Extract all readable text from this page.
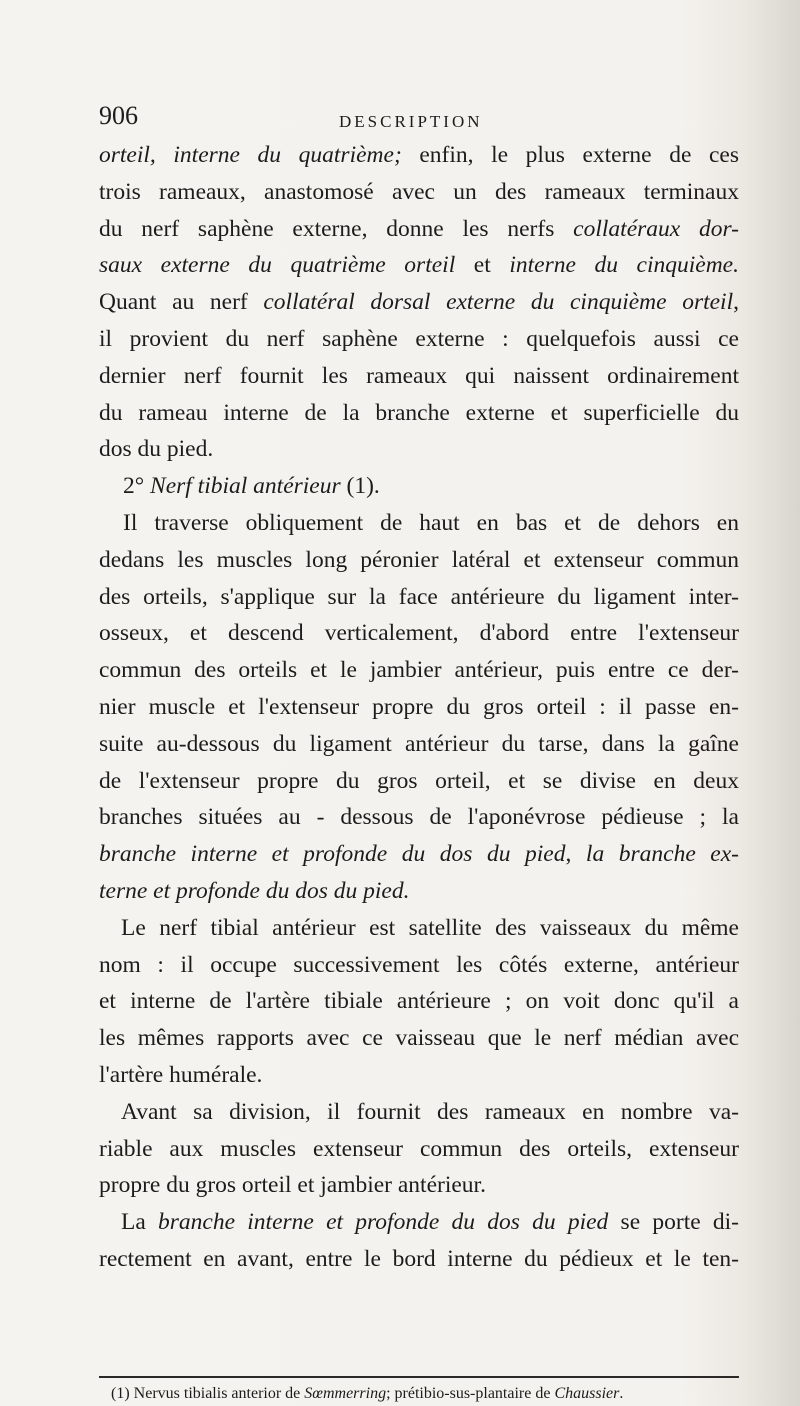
906	DESCRIPTION
orteil, interne du quatrième; enfin, le plus externe de ces
trois rameaux, anastomosé avec un des rameaux terminaux
du nerf saphène externe, donne les nerfs collatéraux dor-
saux externe du quatrième orteil et interne du cinquième.
Quant au nerf collatéral dorsal externe du cinquième orteil,
il provient du nerf saphène externe : quelquefois aussi ce
dernier nerf fournit les rameaux qui naissent ordinairement
du rameau interne de la branche externe et superficielle du
dos du pied.
2° Nerf tibial antérieur (1).
Il traverse obliquement de haut en bas et de dehors en
dedans les muscles long péronier latéral et extenseur commun
des orteils, s'applique sur la face antérieure du ligament inter-
osseux, et descend verticalement, d'abord entre l'extenseur
commun des orteils et le jambier antérieur, puis entre ce der-
nier muscle et l'extenseur propre du gros orteil : il passe en-
suite au-dessous du ligament antérieur du tarse, dans la gaîne
de l'extenseur propre du gros orteil, et se divise en deux
branches situées au - dessous de l'aponévrose pédieuse ; la
branche interne et profonde du dos du pied, la branche ex-
terne et profonde du dos du pied.
Le nerf tibial antérieur est satellite des vaisseaux du même
nom : il occupe successivement les côtés externe, antérieur
et interne de l'artère tibiale antérieure ; on voit donc qu'il a
les mêmes rapports avec ce vaisseau que le nerf médian avec
l'artère humérale.
Avant sa division, il fournit des rameaux en nombre va-
riable aux muscles extenseur commun des orteils, extenseur
propre du gros orteil et jambier antérieur.
La branche interne et profonde du dos du pied se porte di-
rectement en avant, entre le bord interne du pédieux et le ten-
(1) Nervus tibialis anterior de Sœmmerring; prétibio-sus-plantaire de Chaussier.
